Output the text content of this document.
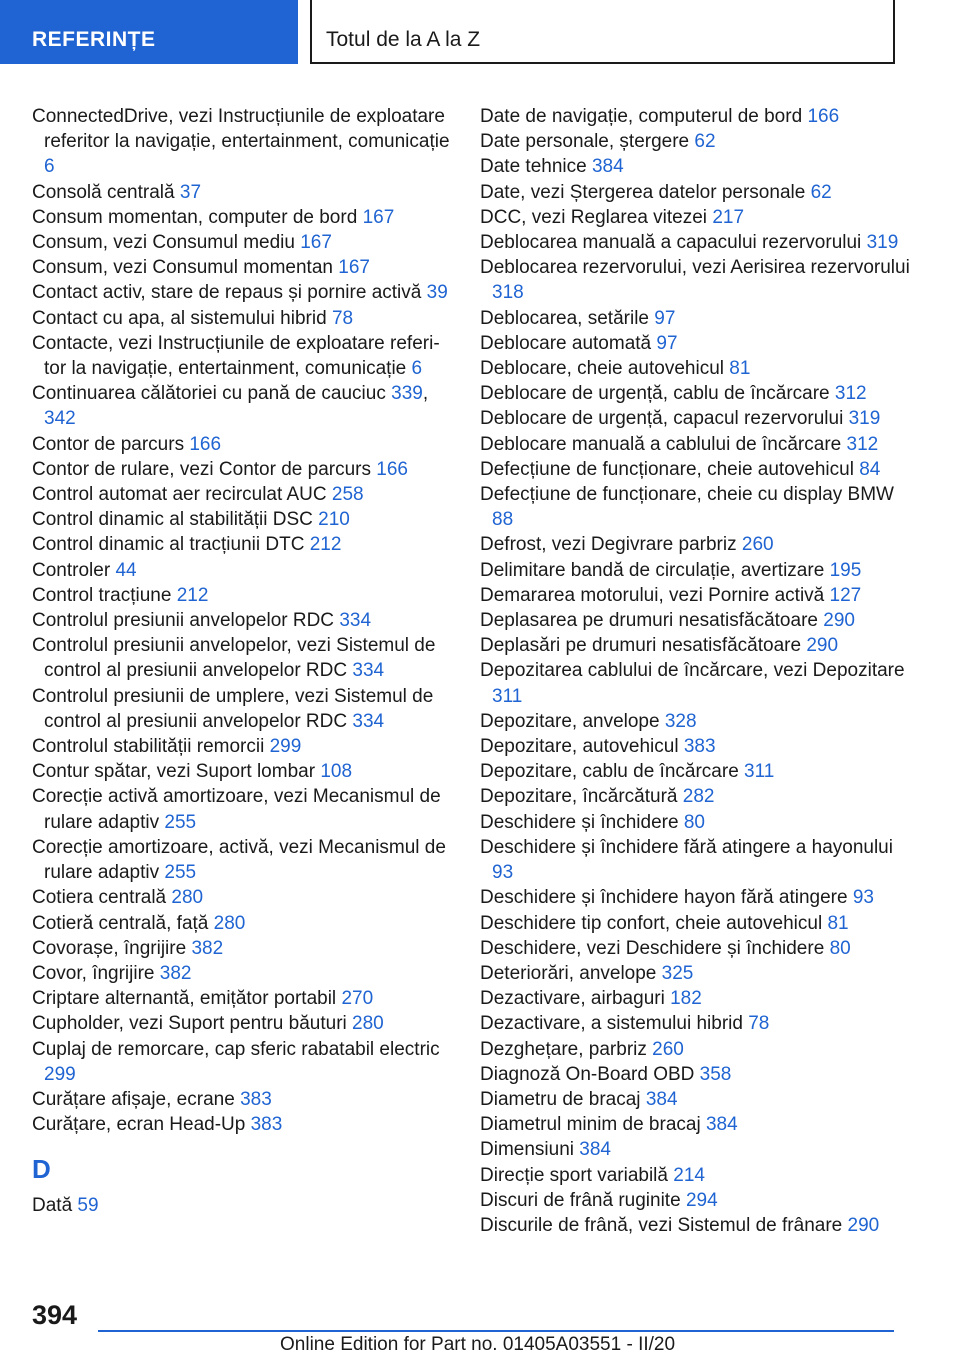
REFERINȚE	Totul de la A la Z
ConnectedDrive, vezi Instrucțiunile de exploatare referitor la navigație, entertainment, comunicație 6
Consolă centrală 37
Consum momentan, computer de bord 167
Consum, vezi Consumul mediu 167
Consum, vezi Consumul momentan 167
Contact activ, stare de repaus și pornire activă 39
Contact cu apa, al sistemului hibrid 78
Contacte, vezi Instrucțiunile de exploatare referitor la navigație, entertainment, comunicație 6
Continuarea călătoriei cu pană de cauciuc 339, 342
Contor de parcurs 166
Contor de rulare, vezi Contor de parcurs 166
Control automat aer recirculat AUC 258
Control dinamic al stabilității DSC 210
Control dinamic al tracțiunii DTC 212
Controler 44
Control tracțiune 212
Controlul presiunii anvelopelor RDC 334
Controlul presiunii anvelopelor, vezi Sistemul de control al presiunii anvelopelor RDC 334
Controlul presiunii de umplere, vezi Sistemul de control al presiunii anvelopelor RDC 334
Controlul stabilității remorcii 299
Contur spătar, vezi Suport lombar 108
Corecție activă amortizoare, vezi Mecanismul de rulare adaptiv 255
Corecție amortizoare, activă, vezi Mecanismul de rulare adaptiv 255
Cotiera centrală 280
Cotieră centrală, față 280
Covorașe, îngrijire 382
Covor, îngrijire 382
Criptare alternantă, emițător portabil 270
Cupholder, vezi Suport pentru băuturi 280
Cuplaj de remorcare, cap sferic rabatabil electric 299
Curățare afișaje, ecrane 383
Curățare, ecran Head-Up 383
D
Dată 59
Date de navigație, computerul de bord 166
Date personale, ștergere 62
Date tehnice 384
Date, vezi Ștergerea datelor personale 62
DCC, vezi Reglarea vitezei 217
Deblocarea manuală a capacului rezervorului 319
Deblocarea rezervorului, vezi Aerisirea rezervorului 318
Deblocarea, setările 97
Deblocare automată 97
Deblocare, cheie autovehicul 81
Deblocare de urgență, cablu de încărcare 312
Deblocare de urgență, capacul rezervorului 319
Deblocare manuală a cablului de încărcare 312
Defecțiune de funcționare, cheie autovehicul 84
Defecțiune de funcționare, cheie cu display BMW 88
Defrost, vezi Degivrare parbriz 260
Delimitare bandă de circulație, avertizare 195
Demararea motorului, vezi Pornire activă 127
Deplasarea pe drumuri nesatisfăcătoare 290
Deplasări pe drumuri nesatisfăcătoare 290
Depozitarea cablului de încărcare, vezi Depozitare 311
Depozitare, anvelope 328
Depozitare, autovehicul 383
Depozitare, cablu de încărcare 311
Depozitare, încărcătură 282
Deschidere și închidere 80
Deschidere și închidere fără atingere a hayonului 93
Deschidere și închidere hayon fără atingere 93
Deschidere tip confort, cheie autovehicul 81
Deschidere, vezi Deschidere și închidere 80
Deteriorări, anvelope 325
Dezactivare, airbaguri 182
Dezactivare, a sistemului hibrid 78
Dezghețare, parbriz 260
Diagnoză On-Board OBD 358
Diametru de bracaj 384
Diametrul minim de bracaj 384
Dimensiuni 384
Direcție sport variabilă 214
Discuri de frână ruginite 294
Discurile de frână, vezi Sistemul de frânare 290
394
Online Edition for Part no. 01405A03551 - II/20
